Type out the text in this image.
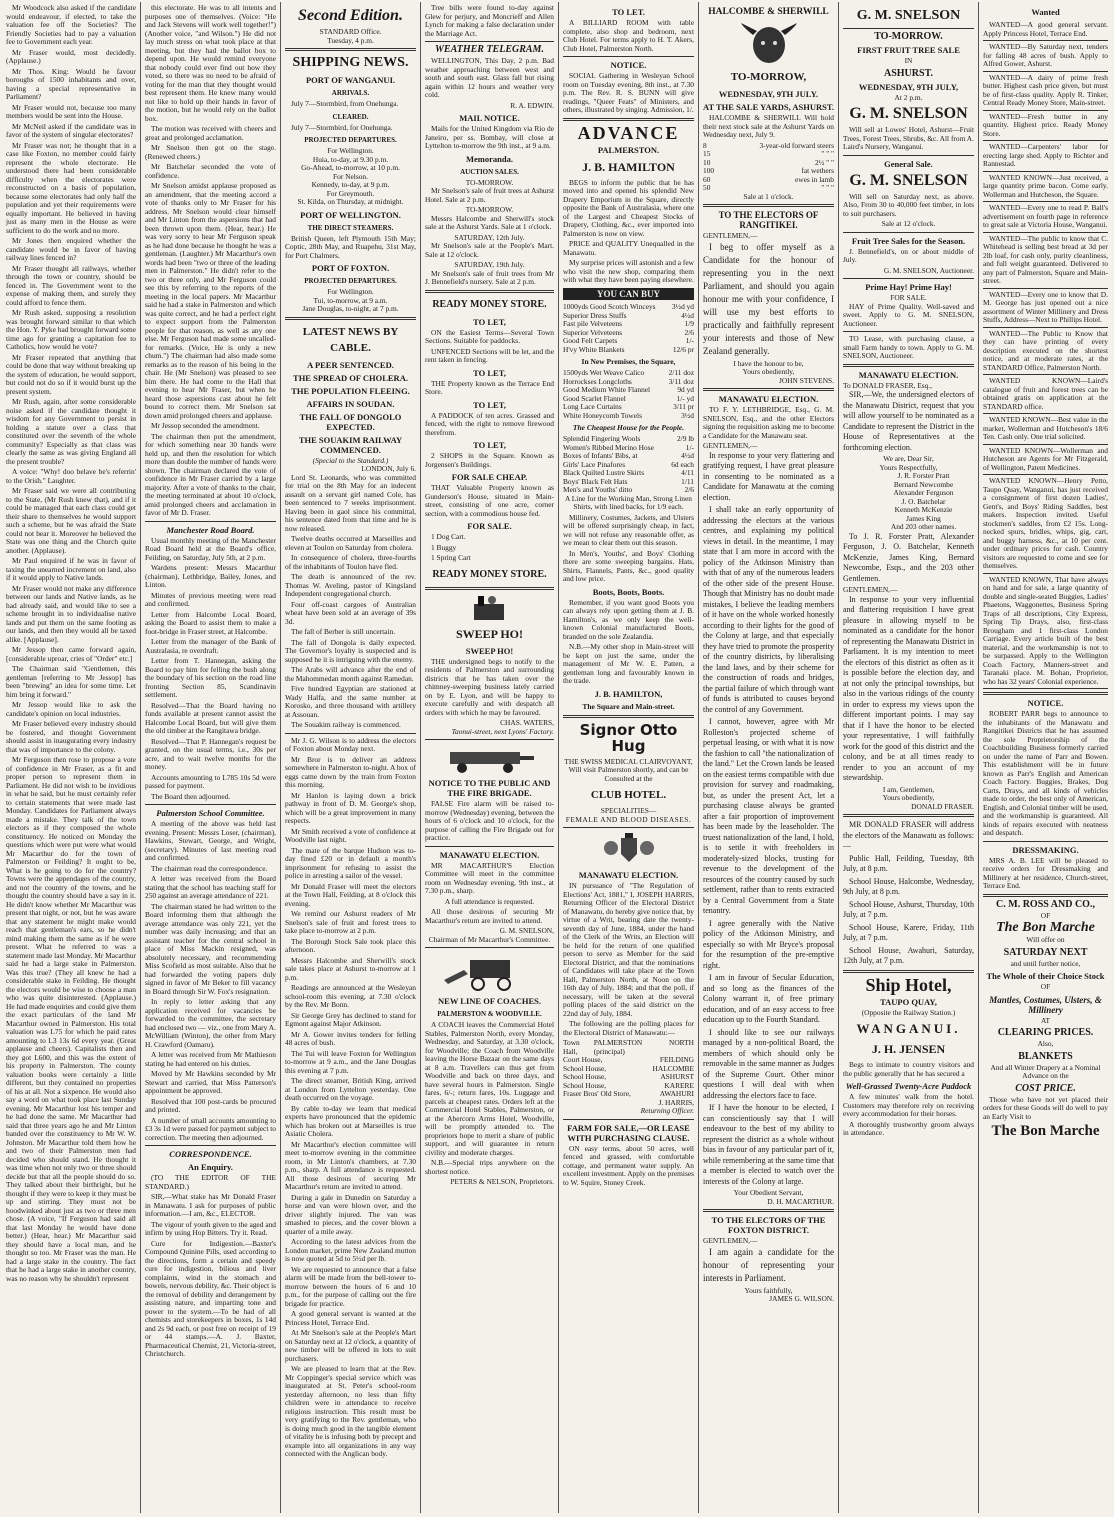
Mr Woodcock also asked if the candidate would endeavour, if elected, to take the valuation fee off the Societies? The Friendly Societies had to pay a valuation fee to Government each year.

Mr Fraser would, most decidedly. (Applause.)

Mr Thos. King: Would he favour boroughs of 1500 inhabitants and over, having a special representative in Parliament?

Mr Fraser would not, because too many members would be sent into the House.

Mr McNeil asked if the candidate was in favor of the system of singular electorates?

Mr Fraser was not; he thought that in a case like Foxton, no member could fairly represent the whole electorate. He understood there had been considerable difficulty when the electorates were reconstructed on a basis of population, because some electorates had only half the population and yet their requirements were equally important. He believed in having just as many men in the House as were sufficient to do the work and no more.

Mr Jones then enquired whether the candidate would be in favor of having railway lines fenced in?

Mr Fraser thought all railways, whether through the town or country, should be fenced in. The Government went to the expense of making them, and surely they could afford to fence them.

Mr Rush asked, supposing a resolution was brought forward similar to that which the Hon. Y. Pyke had brought forward some time ago for granting a capitation fee to Catholics, how would he vote?

Mr Fraser repeated that anything that could be done that way without breaking up the system of education, he would support, but could not do so if it would burst up the present system.

Mr Rush, again, after some considerable noise asked if the candidate thought it wisdom for any Government to persist in holding a statute over a class that constituted over the seventh of the whole community? Especially as that class was clearly the same as was giving England all the present trouble?

A voice: "Why! doo belave be's referrin' to the Orish." Laughter.

Mr Fraser said we were all contributing to the State, (Mr Rush knew that), and if it could be managed that each class could get their share to themselves he would support such a scheme, but he was afraid the State could not bear it. Moreover he believed the State was one thing and the Church quite another. (Applause).

Mr Paul enquired if he was in favor of taxing the unearned increment on land, also if it would apply to Native lands.

Mr Fraser would not make any difference between our lands and Native lands, as he had already said, and would like to see a scheme brought in to individualise native lands and put them on the same footing as our lands, and then they would all be taxed alike. [Applause].

Mr Jessop then came forward again, [considerable uproar, cries of "Order" etc.]

The Chairman said "Gentlemen, this gentleman [referring to Mr Jessop] has been "brewing" an idea for some time. Let him bring it forward."

Mr Jessop would like to ask the candidate's opinion on local industries.

Mr Fraser believed every industry should be fostered, and thought Government should assist in inaugurating every industry that was of importance to the colony.

Mr Ferguson then rose to propose a vote of confidence in Mr Fraser, as a fit and proper person to represent them in Parliament. He did not wish to be invidious in what he said, but he must certainly refer to certain statements that were made last Monday. Candidates for Parliament always made a mistake. They talk of the town electors as if they composed the whole constituency. He noticed on Monday the questions which were put were what would Mr Macarthur do for the town of Palmerston or Feilding? It ought to be, What is he going to do for the country? Towns were the appendages of the country, and not the country of the towns, and he thought the country should have a say in it. He didn't know whether Mr Macarthur was present that night, or not, but he was aware that any statement he might make would reach that gentleman's ears, so he didn't mind making them the same as if he were present. What he referred to was a statement made last Monday. Mr Macarthur said he had a large stake in Palmerston. Was this true? (They all knew he had a considerable stake in Feilding. He thought the electors would be wise to choose a man who was quite disinterested. (Applause.) He had made enquiries and could give them the exact particulars of the land Mr Macarthur owned in Palmerston. His total valuation was L75 for which he paid rates amounting to L3 13s 6d every year. (Great applause and cheers). Capitalists then and they got L600, and this was the extent of his property in Palmerston. The county valuation books were certainly a little different, but they contained no properties of his at all. Not a sixpence. He would also say a word on what took place last Sunday evening. Mr Macarthur lost his temper and he had done the same. Mr Macarthur had said that three years ago he and Mr Linton banded over the constituency to Mr W. W. Johnston. Mr Macarthur told them how he and two of their Palmerston men had decided who should stand. He thought it was time when not only two or three should decide but that all the people should do so. They talked about their birthright, but he thought if they were to keep it they must be up and stirring. They must not be hoodwinked about just as two or three men chose. (A voice, "If Ferguson had said all that last Monday he would have done better.) (Hear, hear.) Mr Macarthur said they should have a local man, and he thought so too. Mr Fraser was the man. He had a large stake in the country. The fact that he had a large stake in another country, was no reason why he shouldn't represent

this electorate. He was to all intents and purposes one of themselves. (Voice: "He and Jack Stevens will work well together!") (Another voice, "and Wilson.") He did not lay much stress on what took place at that meeting, but they had the ballot box to depend upon. He would remind everyone that nobody could ever find out how they voted, so there was no need to be afraid of voting for the man that they thought would best represent them. He knew many would not like to hold up their hands in favor of the motion, but he would rely on the ballot box.

The motion was received with cheers and great and prolonged acclamation.

Mr Snelson then got on the stage. (Renewed cheers.)

Mr Batchelar seconded the vote of confidence.

Mr Snelson amidst applause proposed as an amendment, that the meeting accord a vote of thanks only to Mr Fraser for his address. Mr Snelson would clear himself and Mr Linton from the aspersions that had been thrown upon them. (Hear, hear.) He was very sorry to hear Mr Ferguson speak as he had done because he thought he was a gentleman. (Laughter.) Mr Macarthur's own words had been "two or three of the leading men in Palmerston." He didn't refer to the two or three only, and Mr Ferguson could see this by referring to the reports of the meeting in the local papers. Mr Macarthur said he had a stake in Palmerston and which was quite correct, and he had a perfect right to expect support from the Palmerston people for that reason, as well as any one else. Mr Ferguson had made some uncalled-for remarks. (Voice, He is only a new chum.") The chairman had also made some remarks as to the reason of his being in the chair. He (Mr Snelson) was pleased to see him there. He had come to the Hall that evening to hear Mr Fraser, but when he heard those aspersions cast about he felt bound to correct them. Mr Snelson sat down amid prolonged cheers and applause.

Mr Jessop seconded the amendment.

The chairman then put the amendment, for which something near 30 hands were held up, and then the resolution for which more than double the number of hands were shown. The chairman declared the vote of confidence in Mr Fraser carried by a large majority. After a vote of thanks to the chair, the meeting terminated at about 10 o'clock, amid prolonged cheers and acclamation in favor of Mr D. Fraser.

Manchester Road Board.

Usual monthly meeting of the Manchester Road Board held at the Board's office, Feilding, on Saturday, July 5th, at 2 p.m.

Wardens present: Messrs Macarthur (chairman), Lethbridge, Bailey, Jones, and Linton.

Minutes of previous meeting were read and confirmed.

Letter from Halcombe Local Board, asking the Board to assist them to make a foot-bridge in Fraser street, at Halcombe.

Letter from the manager of the Bank of Australasia, re overdraft.

Letter from T. Hannegan, asking the Board to pay him for felling the bush along the boundary of his section on the road line fronting Section 85, Scandinavin settlement.

Resolved—That the Board having no funds available at present cannot assist the Halcombe Local Board, but will give them the old timber at the Rangitawa bridge.

Resolved—That P. Hannegan's request be granted, on the usual terms, i.e., 30s per acre, and to wait twelve months for the money.

Accounts amounting to L785 10s 5d were passed for payment.

The Board then adjourned.

Palmerston School Committee.

A meeting of the above was held last evening. Present: Messrs Loser, (chairman), Hawkins, Stewart, George, and Wright, (secretary). Minutes of last meeting read and confirmed.

The chairman read the correspondence.

A letter was received from the Board stating that the school has teaching staff for 250 against an average attendance of 221.

The chairman stated he had written to the Board informing them that although the average attendance was only 221, yet the number was daily increasing; and that an assistant teacher for the central school in place of Miss Mackin resigned, was absolutely necessary, and recommending Miss Scofield as most suitable. Also that he had forwarded the voting papers duly signed in favor of Mr Beker to fill vacancy in Board through Sir W. Fox's resignation.

In reply to letter asking that any application received for vacancies be forwarded to the committee, the secretary had enclosed two — viz., one from Mary A. McWilliam (Winton), the other from Mary H. Crawford (Oamaru).

A letter was received from Mr Mathieson stating he had entered on his duties.

Moved by Mr Hawkins seconded by Mr Stewart and carried, that Miss Patterson's appointment be approved.

Resolved that 100 post-cards be procured and printed.

A number of small accounts amounting to £3 3s 1d were passed for payment subject to correction. The meeting then adjourned.

CORRESPONDENCE.
An Enquiry.

(TO THE EDITOR OF THE STANDARD.)

SIR,—What stake has Mr Donald Fraser in Manawatu. I ask for purposes of public information.—I am, &c., ELECTOR.

The vigour of youth given to the aged and infirm by using Hop Bitters. Try it. Read.

Cure for Indigestion.—Baxter's Compound Quinine Pills, used according to the directions, form a certain and speedy cure for indigestion, bilious and liver complaints, wind in the stomach and bowels, nervous debility, &c. Their object is the removal of debility and derangement by assisting nature, and imparting tone and power to the system.—To be had of all chemists and storekeepers in boxes, 1s 14d and 2s 9d each, or post free on receipt of 19 or 44 stamps.—A. J. Baxter, Pharmaceutical Chemist, 21, Victoria-street, Christchurch.

Second Edition.
STANDARD Office.
Tuesday, 4 p.m.
SHIPPING NEWS.
PORT OF WANGANUI.
ARRIVALS.

July 7—Stormbird, from Onehunga.

CLEARED.

July 7—Stormbird, for Onehunga.

PROJECTED DEPARTURES.
For Wellington.
Huia, to-day, at 9.30 p.m.
Go-Ahead, to-morrow, at 10 p.m.
For Nelson.
Kennedy, to-day, at 9 p.m.
For Greymouth.
St. Kilda, on Thursday, at midnight.
PORT OF WELLINGTON.
THE DIRECT STEAMERS.

British Queen, left Plymouth 15th May; Coptic, 28th May, and Ruapehu, 31st May, for Port Chalmers.

PORT OF FOXTON.
PROJECTED DEPARTURES.
For Wellington.
Tui, to-morrow, at 9 a.m.
Jane Douglas, to-night, at 7 p.m.
LATEST NEWS BY CABLE.
A PEER SENTENCED.
THE SPREAD OF CHOLERA.
THE POPULATION FLEEING.
AFFAIRS IN SOUDAN.
THE FALL OF DONGOLO EXPECTED.
THE SOUAKIM RAILWAY COMMENCED.
(Special to the Standard.)
LONDON, July 6.

Lord St. Leonards, who was committed for trial on the 8th May for an indecent assault on a servant girl named Cole, has been sentenced to 7 weeks imprisonment. Having been in gaol since his committal, his sentence dated from that time and he is now released.

Twelve deaths occurred at Marseilles and eleven at Toulon on Saturday from cholera.

In consequence of cholera, three-fourths of the inhabitants of Toulon have fled.

The death is announced of the rev. Thomas W. Aveling, pastor of Kingsland Independent congregational church.

Four off-coast cargoes of Australian wheat have been sold at an average of 39s 3d.

The fall of Berber is still uncertain.

The fall of Dongola is daily expected. The Governor's loyalty is suspected and is supposed he it is intriguing with the enemy.

The Arabs will advance after the end of the Mahommedan month against Ramedan.

Five hundred Egyptian are stationed at Wady Halfa, and the same number at Korosko, and three thousand with artillery at Assouan.

The Souakim railway is commenced.

Mr J. G. Wilson is to address the electors of Foxton about Monday next.

Mr Bror is to deliver an address somewhere in Palmerston to-night. A box of eggs came down by the train from Foxton this morning.

Mr Hanlon is laying down a brick pathway in front of D. M. George's shop, which will be a great improvement in many respects.

Mr Smith received a vote of confidence at Woodville last night.

The mate of the barque Hudson was to-day fined £20 or in default a month's imprisonment for refusing to assist the police in arresting a sailor of the vessel.

Mr Donald Fraser will meet the electors at the Town Hall, Feilding, at 8 o'clock this evening.

We remind our Ashurst readers of Mr Snelson's sale of fruit and forest trees to take place to-morrow at 2 p.m.

The Borough Stock Sale took place this afternoon.

Messrs Halcombe and Sherwill's stock sale takes place at Ashurst to-morrow at 1 p.m.

Readings are announced at the Wesleyan school-room this evening, at 7.30 o'clock by the Rev. Mr Bonn.

Sir George Grey has declined to stand for Egmont against Major Atkinson.

Mr A. Gower invites tenders for felling 48 acres of bush.

The Tui will leave Foxton for Wellington to-morrow at 9 a.m., and the Jane Douglas this evening at 7 p.m.

The direct steamer, British King, arrived at London from Lyttelton yesterday. One death occurred on the voyage.

By cable to-day we learn that medical experts have pronounced that the epidemic which has broken out at Marseilles is true Asiatic Cholera.

Mr Macarthur's election committee will meet to-morrow evening in the committee room, in Mr Linton's chambers, at 7.30 p.m., sharp. A full attendance is requested. All those desirous of securing Mr Macarthur's return are invited to attend.

During a gale in Dunedin on Saturday a horse and van were blown over, and the driver slightly injured. The van was smashed to pieces, and the cover blown a quarter of a mile away.

According to the latest advices from the London market, prime New Zealand mutton is now quoted at 5d to 5½d per lb.

We are requested to announce that a false alarm will be made from the bell-tower to-morrow between the hours of 6 and 10 p.m., for the purpose of calling out the fire brigade for practice.

A good general servant is wanted at the Princess Hotel, Terrace End.

At Mr Snelson's sale at the People's Mart on Saturday next at 12 o'clock, a quantity of new timber will be offered in lots to suit purchasers.

We are pleased to learn that at the Rev. Mr Coppinger's special service which was inaugurated at St. Peter's school-room yesterday afternoon, no less than fifty children were in attendance to receive religious instruction. This result must be very gratifying to the Rev. gentleman, who is doing much good in the tangible element of vitality he is infusing both by precept and example into all organizations in any way connected with the Anglican body.

Tree bills were found to-day against Glew for perjury, and Moncrieff and Allen Lynch for making a false declaration under the Marriage Act.

WEATHER TELEGRAM.

WELLINGTON, This Day, 2 p.m. Bad weather approaching between west and south and south east. Glass fall but rising again within 12 hours and weather very cold.

R. A. EDWIN.
MAIL NOTICE.

Mails for the United Kingdom via Rio de Janeiro, per ss. Bombay, will close at Lyttelton to-morrow the 9th inst., at 9 a.m.

Memoranda.
AUCTION SALES.
TO-MORROW.

Mr Snelson's sale of fruit trees at Ashurst Hotel. Sale at 2 p.m.

TO-MORROW.

Messrs Halcombe and Sherwill's stock sale at the Ashurst Yards. Sale at 1 o'clock.

SATURDAY, 12th July.

Mr Snelson's sale at the People's Mart. Sale at 12 o'clock.

SATURDAY, 19th July.

Mr Snelson's sale of fruit trees from Mr J. Bennefield's nursery. Sale at 2 p.m.

READY MONEY STORE.
TO LET,

ON the Easiest Terms—Several Town Sections. Suitable for paddocks.

UNFENCED Sections will be let, and the rent taken in fencing.

TO LET,

THE Property known as the Terrace End Store.

TO LET,

A PADDOCK of ten acres. Grassed and fenced, with the right to remove firewood therefrom.

TO LET,

2 SHOPS in the Square. Known as Jorgensen's Buildings.

FOR SALE CHEAP.

THAT Valuable Property known as Gunderson's House, situated in Main-street, consisting of one acre, corner section, with a commodious house fed.

FOR SALE.

1 Dog Cart.

1 Buggy

1 Spring Cart

READY MONEY STORE.
SWEEP HO!
SWEEP HO!

THE undersigned begs to notify to the residents of Palmerston and surrounding districts that he has taken over the chimney-sweeping business lately carried on by E. Lyon, and will be happy to execute carefully and with despatch all orders with which he may be favoured.

CHAS. WATERS,
Taonui-street, next Lyons' Factory.
NOTICE TO THE PUBLIC AND THE FIRE BRIGADE.

FALSE Fire alarm will be raised to-morrow (Wednesday) evening, between the hours of 6 o'clock and 10 o'clock, for the purpose of calling the Fire Brigade out for practice.

MANAWATU ELECTION.

MR MACARTHUR'S Election Committee will meet in the committee room on Wednesday evening, 9th inst., at 7.30 p.m., sharp.

A full attendance is requested.

All those desirous of securing Mr Macarthur's return are invited to attend.

G. M. SNELSON,
Chairman of Mr Macarthur's Committee.
NEW LINE OF COACHES.
PALMERSTON & WOODVILLE.

A COACH leaves the Commercial Hotel Stables, Palmerston North, every Monday, Wednesday, and Saturday, at 3.30 o'clock, for Woodville; the Coach from Woodville leaving the Horse Bazaar on the same days at 8 a.m. Travellers can thus get from Woodville and back on three days, and have several hours in Palmerston. Single fares, 6/-; return fares, 10s. Luggage and parcels at cheapest rates. Orders left at the Commercial Hotel Stables, Palmerston, or at the Abercorn Arms Hotel, Woodville, will be promptly attended to. The proprietors hope to merit a share of public support, and will guarantee in return civility and moderate charges.

N.B.—Special trips anywhere on the shortest notice.

PETERS & NELSON, Proprietors.
TO LET.

A BILLIARD ROOM with table complete, also shop and bedroom, next Club Hotel. For terms apply to H. T. Akers, Club Hotel, Palmerston North.

NOTICE.

SOCIAL Gathering in Wesleyan School room on Tuesday evening, 8th inst., at 7.30 p.m. The Rev. R. S. BUNN will give readings, "Queer Feats" of Ministers, and others, illustrated by singing. Admission, 1/.

ADVANCE
PALMERSTON.
J. B. HAMILTON

BEGS to inform the public that he has moved into and opened his splendid New Drapery Emporium in the Square, directly opposite the Bank of Australasia, where one of the Largest and Cheapest Stocks of Drapery, Clothing, &c., ever imported into Palmerston is now on view.

PRICE and QUALITY Unequalled in the Manawatu.

My surprise prices will astonish and a few who visit the new shop, comparing them with what they have been paying elsewhere.

YOU CAN BUY
1000yds Good Scotch Winceys 3½d yd
Superior Dress Stuffs	4½d
Fast pile Velveteens	1/9
Superior Velveteens	2/6
Good Felt Carpets	1/-
H'vy White Blankets	12/6 pr
In New Premises, the Square,
1500yds Wet Weave Calico	2/11 doz
Horrockses Longcloths	3/11 doz
Good Medium White Flannel	9d yd
Good Scarlet Flannel	1/- yd
Long Lace Curtains	3/11 pr
White Honeycomb Towels	3½d
The Cheapest House for the People.
Splendid Fingering Wools	2/9 lb
Women's Ribbed Merino Hose	1/-
Boxes of Infants' Bibs, at	4½d
Girls' Lace Pinafores	6d each
Black Quilted Lustre Skirts	4/11
Boys' Black Felt Hats	1/11
Men's and Youths' ditto	2/6

A Line for the Working Man, Strong Linen Shirts, with lined backs, for 1/9 each.

Millinery, Costumes, Jackets, and Ulsters will be offered surprisingly cheap, in fact, we will not refuse any reasonable offer, as we mean to clear them out this season.

In Men's, Youths', and Boys' Clothing there are some sweeping bargains. Hats, Shirts, Flannels, Pants, &c., good quality and low price.

Boots, Boots, Boots.

Remember, if you want good Boots you can always rely upon getting them at J. B. Hamilton's, as we only keep the well-known Colonial manufactured Boots, branded on the sole Zealandia.

N.B.—My other shop in Main-street will be kept on just the same, under the management of Mr W. E. Patten, a gentleman long and favourably known in the trade.

J. B. HAMILTON,
The Square and Main-street.
Signor Otto Hug
THE SWISS MEDICAL CLAIRVOYANT,

Will visit Palmerston shortly, and can be Consulted at the

CLUB HOTEL.
SPECIALITIES—
FEMALE AND BLOOD DISEASES.
MANAWATU ELECTION.

IN pursuance of "The Regulation of Elections' Act, 1881," I, JOSEPH HARRIS, Returning Officer of the Electoral District of Manawatu, do hereby give notice that, by virtue of a Writ, bearing date the twenty-seventh day of June, 1884, under the hand of the Clerk of the Writs, an Election will be held for the return of one qualified person to serve as Member for the said Electoral District, and that the nominations of Candidates will take place at the Town Hall, Palmerston North, at Noon on the 16th day of July, 1884; and that the poll, if necessary, will be taken at the several polling places of the said district on the 22nd day of July, 1884.

The following are the polling places for the Electoral District of Manawatu:—

Town Hall,
PALMERSTON NORTH (principal)
Court House,	FEILDING
School House,	HALCOMBE
School House,	ASHURST
School House,	KARERE
Fraser Bros' Old Store,	AWAHURI
J. HARRIS,
Returning Officer.
FARM FOR SALE,—OR LEASE WITH PURCHASING CLAUSE.

ON easy terms, about 50 acres, well fenced and grassed, with comfortable cottage, and permanent water supply. An excellent investment. Apply on the premises to W. Squire, Stoney Creek.

HALCOMBE & SHERWILL
TO-MORROW,
WEDNESDAY, 9TH JULY.
AT THE SALE YARDS, ASHURST.

HALCOMBE & SHERWILL Will hold their next stock sale at the Ashurst Yards on Wednesday next, July 9.

8	3-year-old forward steers
15	" " "
10	2½ " "
100	fat wethers
60	ewes in lamb
50	" " "
Sale at 1 o'clock.
TO THE ELECTORS OF RANGITIKEI.
GENTLEMEN,—

I beg to offer myself as a Candidate for the honour of representing you in the next Parliament, and should you again honour me with your confidence, I will use my best efforts to practically and faithfully represent your interests and those of New Zealand generally.

I have the honour to be,
Yours obediently,
JOHN STEVENS.
MANAWATU ELECTION.

TO F. Y. LETHBRIDGE, Esq., G. M. SNELSON, Esq., and the other Electors signing the requisition asking me to become a Candidate for the Manawatu seat.

GENTLEMEN,—

In response to your very flattering and gratifying request, I have great pleasure in consenting to be nominated as a Candidate for Manawatu at the coming election.

I shall take an early opportunity of addressing the electors at the various centres, and explaining my political views in detail. In the meantime, I may state that I am more in accord with the policy of the Atkinson Ministry than with that of any of the numerous leaders of the other side of the present House. Though that Ministry has no doubt made mistakes, I believe the leading members of it have on the whole worked honestly according to their lights for the good of the Colony at large, and that especially they have tried to promote the prosperity of the country districts, by liberalising the land laws, and by their scheme for the construction of roads and bridges, the partial failure of which through want of funds is attributed to causes beyond the control of any Government.

I cannot, however, agree with Mr Rolleston's projected scheme of perpetual leasing, or with what it is now the fashion to call "the nationalization of the land." Let the Crown lands be leased on the easiest terms compatible with due provision for survey and roadmaking, but, as under the present Act, let a purchasing clause always be granted after a fair proportion of improvement has been made by the leaseholder. The truest nationalization of the land, I hold, is to settle it with freeholders in moderately-sized blocks, trusting for revenue to the development of the resources of the country caused by such settlement, rather than to rents extracted by a Central Government from a State tenantry.

I agree generally with the Native policy of the Atkinson Ministry, and especially so with Mr Bryce's proposal for the resumption of the pre-emptive right.

I am in favour of Secular Education, and so long as the finances of the Colony warrant it, of free primary education, and of an easy access to free education up to the Fourth Standard.

I should like to see our railways managed by a non-political Board, the members of which should only be removable in the same manner as Judges of the Supreme Court. Other minor questions I will deal with when addressing the electors face to face.

If I have the honour to be elected, I can conscientiously say that I will endeavour to the best of my ability to represent the district as a whole without bias in favour of any particular part of it, while remembering at the same time that a member is elected to watch over the interests of the Colony at large.

Your Obedient Servant,
D. H. MACARTHUR.
TO THE ELECTORS OF THE FOXTON DISTRICT.
GENTLEMEN,—

I am again a candidate for the honour of representing your interests in Parliament.

Yours faithfully,
JAMES G. WILSON.
G. M. SNELSON
TO-MORROW.
FIRST FRUIT TREE SALE
IN
ASHURST.
WEDNESDAY, 9TH JULY,
At 2 p.m.
G. M. SNELSON

Will sell at Lowes' Hotel, Ashurst—Fruit Trees, Forest Trees, Shrubs, &c. All from A. Laird's Nursery, Wanganui.

General Sale.
G. M. SNELSON

Will sell on Saturday next, as above. Also, From 30 to 40,000 feet timber, in lots to suit purchasers.

Sale at 12 o'clock.
Fruit Tree Sales for the Season.

J. Bennefield's, on or about middle of July.

G. M. SNELSON, Auctioneer.
Prime Hay! Prime Hay!
FOR SALE.

HAY of Prime Quality. Well-saved and sweet. Apply to G. M. SNELSON, Auctioneer.

TO Lease, with purchasing clause, a small Farm handy to town. Apply to G. M. SNELSON, Auctioneer.

MANAWATU ELECTION.
To DONALD FRASER, Esq.,

SIR,—We, the undersigned electors of the Manawatu District, request that you will allow yourself to be nominated as a Candidate to represent the District in the House of Representatives at the forthcoming election.

We are, Dear Sir,
Yours Respectfully,
J. R. Forster Pratt
Bernard Newcombe
Alexander Ferguson
J. O. Batchelar
Kenneth McKenzie
James King
And 203 other names.

To J. R. Forster Pratt, Alexander Ferguson, J. O. Batchelar, Kenneth McKenzie, James King, Bernard Newcombe, Esqs., and the 203 other Gentlemen.

GENTLEMEN,—

In response to your very influential and flattering requisition I have great pleasure in allowing myself to be nominated as a candidate for the honor of representing the Manawatu District in Parliament. It is my intention to meet the electors of this district as often as it is possible before the election day, and at not only the principal townships, but also in the various ridings of the county in order to express my views upon the different important points. I may say that if I have the honor to be elected your representative, I will faithfully work for the good of this district and the colony, and be at all times ready to render to you an account of my stewardship.

I am, Gentlemen,
Yours obediently,
DONALD FRASER.

MR DONALD FRASER will address the electors of the Manawatu as follows:—

Public Hall, Feilding, Tuesday, 8th July, at 8 p.m.

School House, Halcombe, Wednesday, 9th July, at 8 p.m.

School House, Ashurst, Thursday, 10th July, at 7 p.m.

School House, Karere, Friday, 11th July, at 7 p.m.

School House, Awahuri, Saturday, 12th July, at 7 p.m.

Ship Hotel,
TAUPO QUAY,
(Opposite the Railway Station.)
WANGANUI.
J. H. JENSEN

Begs to intimate to country visitors and the public generally that he has secured a

Well-Grassed Twenty-Acre Paddock

A few minutes' walk from the hotel. Customers may therefore rely on receiving every accommodation for their horses.

A thoroughly trustworthy groom always in attendance.

Wanted

WANTED—A good general servant. Apply Princess Hotel, Terrace End.

WANTED—By Saturday next, tenders for falling 48 acres of bush. Apply to Alfred Gower, Ashurst.

WANTED—A dairy of prime fresh butter. Highest cash price given, but must be of first-class quality. Apply R. Tinker, Central Ready Money Store, Main-street.

WANTED—Fresh butter in any quantity. Highest price. Ready Money Store.

WANTED—Carpenters' labor for erecting large shed. Apply to Richter and Rannestad.

WANTED KNOWN—Just received, a large quantity prime bacon. Come early. Wollerman and Hutcheson, the Square.

WANTED—Every one to read P. Ball's advertisement on fourth page in reference to great sale at Victoria House, Wanganui.

WANTED—The public to know that C. Whitehead is selling best bread at 3d per 2lb loaf, for cash only, purity cleanliness, and full weight guaranteed. Delivered to any part of Palmerston, Square and Main-street.

WANTED—Every one to know that D. M. George has just opened out a nice assortment of Winter Millinery and Dress Stuffs, Address—Next to Phillips Hotel.

WANTED—The Public to Know that they can have printing of every description executed on the shortest notice, and at moderate rates, at the STANDARD Office, Palmerston North.

WANTED KNOWN—Laird's catalogue of fruit and forest trees can be obtained gratis on application at the STANDARD office.

WANTED KNOWN—Best value in the market, Wollerman and Hutcheson's 18/6 Ten. Cash only. One trial solicited.

WANTED KNOWN—Wollerman and Hutcheson are Agents for Mr Fitzgerald, of Wellington, Patent Medicines.

WANTED KNOWN—Henry Petto, Taupo Quay, Wanganui, has just received a consignment of first dozen Ladies', Gent's, and Boys' Riding Saddles, best makers. Inspection invited. Useful stockmen's saddles, from £2 15s. Long-necked spurs, bridles, whips, gig, cart, and buggy harness, &c., at 10 per cent. under ordinary prices for cash. Country visitors are requested to come and see for themselves.

WANTED KNOWN, That have always on hand and for sale, a large quantity of double and single-seated Buggies, Ladies' Phaetons, Waggonettes, Business Spring Traps of all descriptions, City Express, Spring Tip Drays, also, first-class Brougham and 1 first-class London Carriage. Every article built of the best material, and the workmanship is not to be surpassed. Apply to the Wellington Coach Factory, Manners-street and Taranaki place. M. Bohan, Proprietor, who has 32 years' Colonial experience.

NOTICE.

ROBERT PARR begs to announce to the inhabitants of the Manawatu and Rangitikei Districts that he has assumed the sole Proprietorship of the Coachbuilding Business formerly carried on under the name of Parr and Bowen. This establishment will be in future known as Parr's English and American Coach Factory. Buggies, Brakes, Dog Carts, Drays, and all kinds of vehicles made to order, the best only of American, English, and Colonial timber will be used, and the workmanship is guaranteed. All kinds of repairs executed with neatness and despatch.

DRESSMAKING.

MRS A. B. LEE will be pleased to receive orders for Dressmaking and Millinery at her residence, Church-street, Terrace End.

C. M. ROSS AND CO.,
OF
The Bon Marche
Will offer on
SATURDAY NEXT
and until further notice,
The Whole of their Choice Stock
OF
Mantles, Costumes, Ulsters, & Millinery
AT
CLEARING PRICES.
Also,
BLANKETS
And all Winter Drapery at a Nominal Advance on the
COST PRICE.

Those who have not yet placed their orders for these Goods will do well to pay an Early Visit to

The Bon Marche
